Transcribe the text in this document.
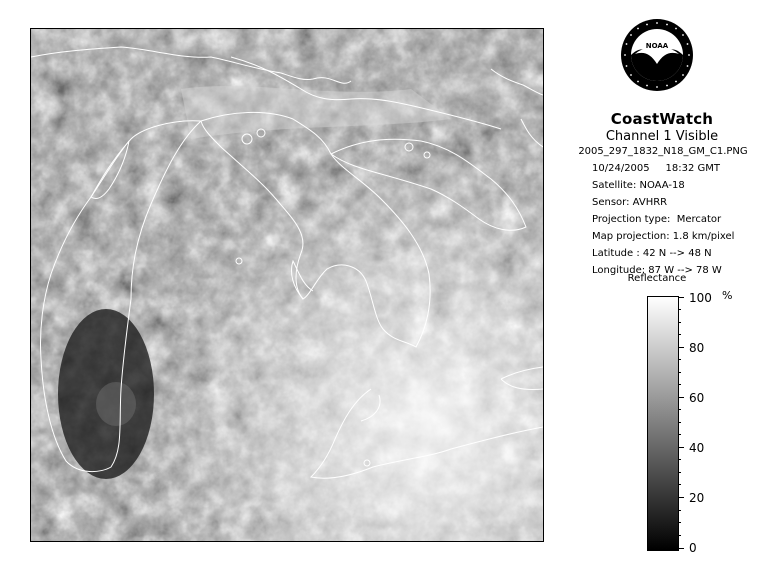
NOAA
CoastWatch
Channel 1 Visible
2005_297_1832_N18_GM_C1.PNG
10/24/2005     18:32 GMT
Satellite: NOAA-18
Sensor: AVHRR
Projection type:  Mercator
Map projection: 1.8 km/pixel
Latitude : 42 N --> 48 N
Longitude: 87 W --> 78 W
Reflectance
%
100
80
60
40
20
0
